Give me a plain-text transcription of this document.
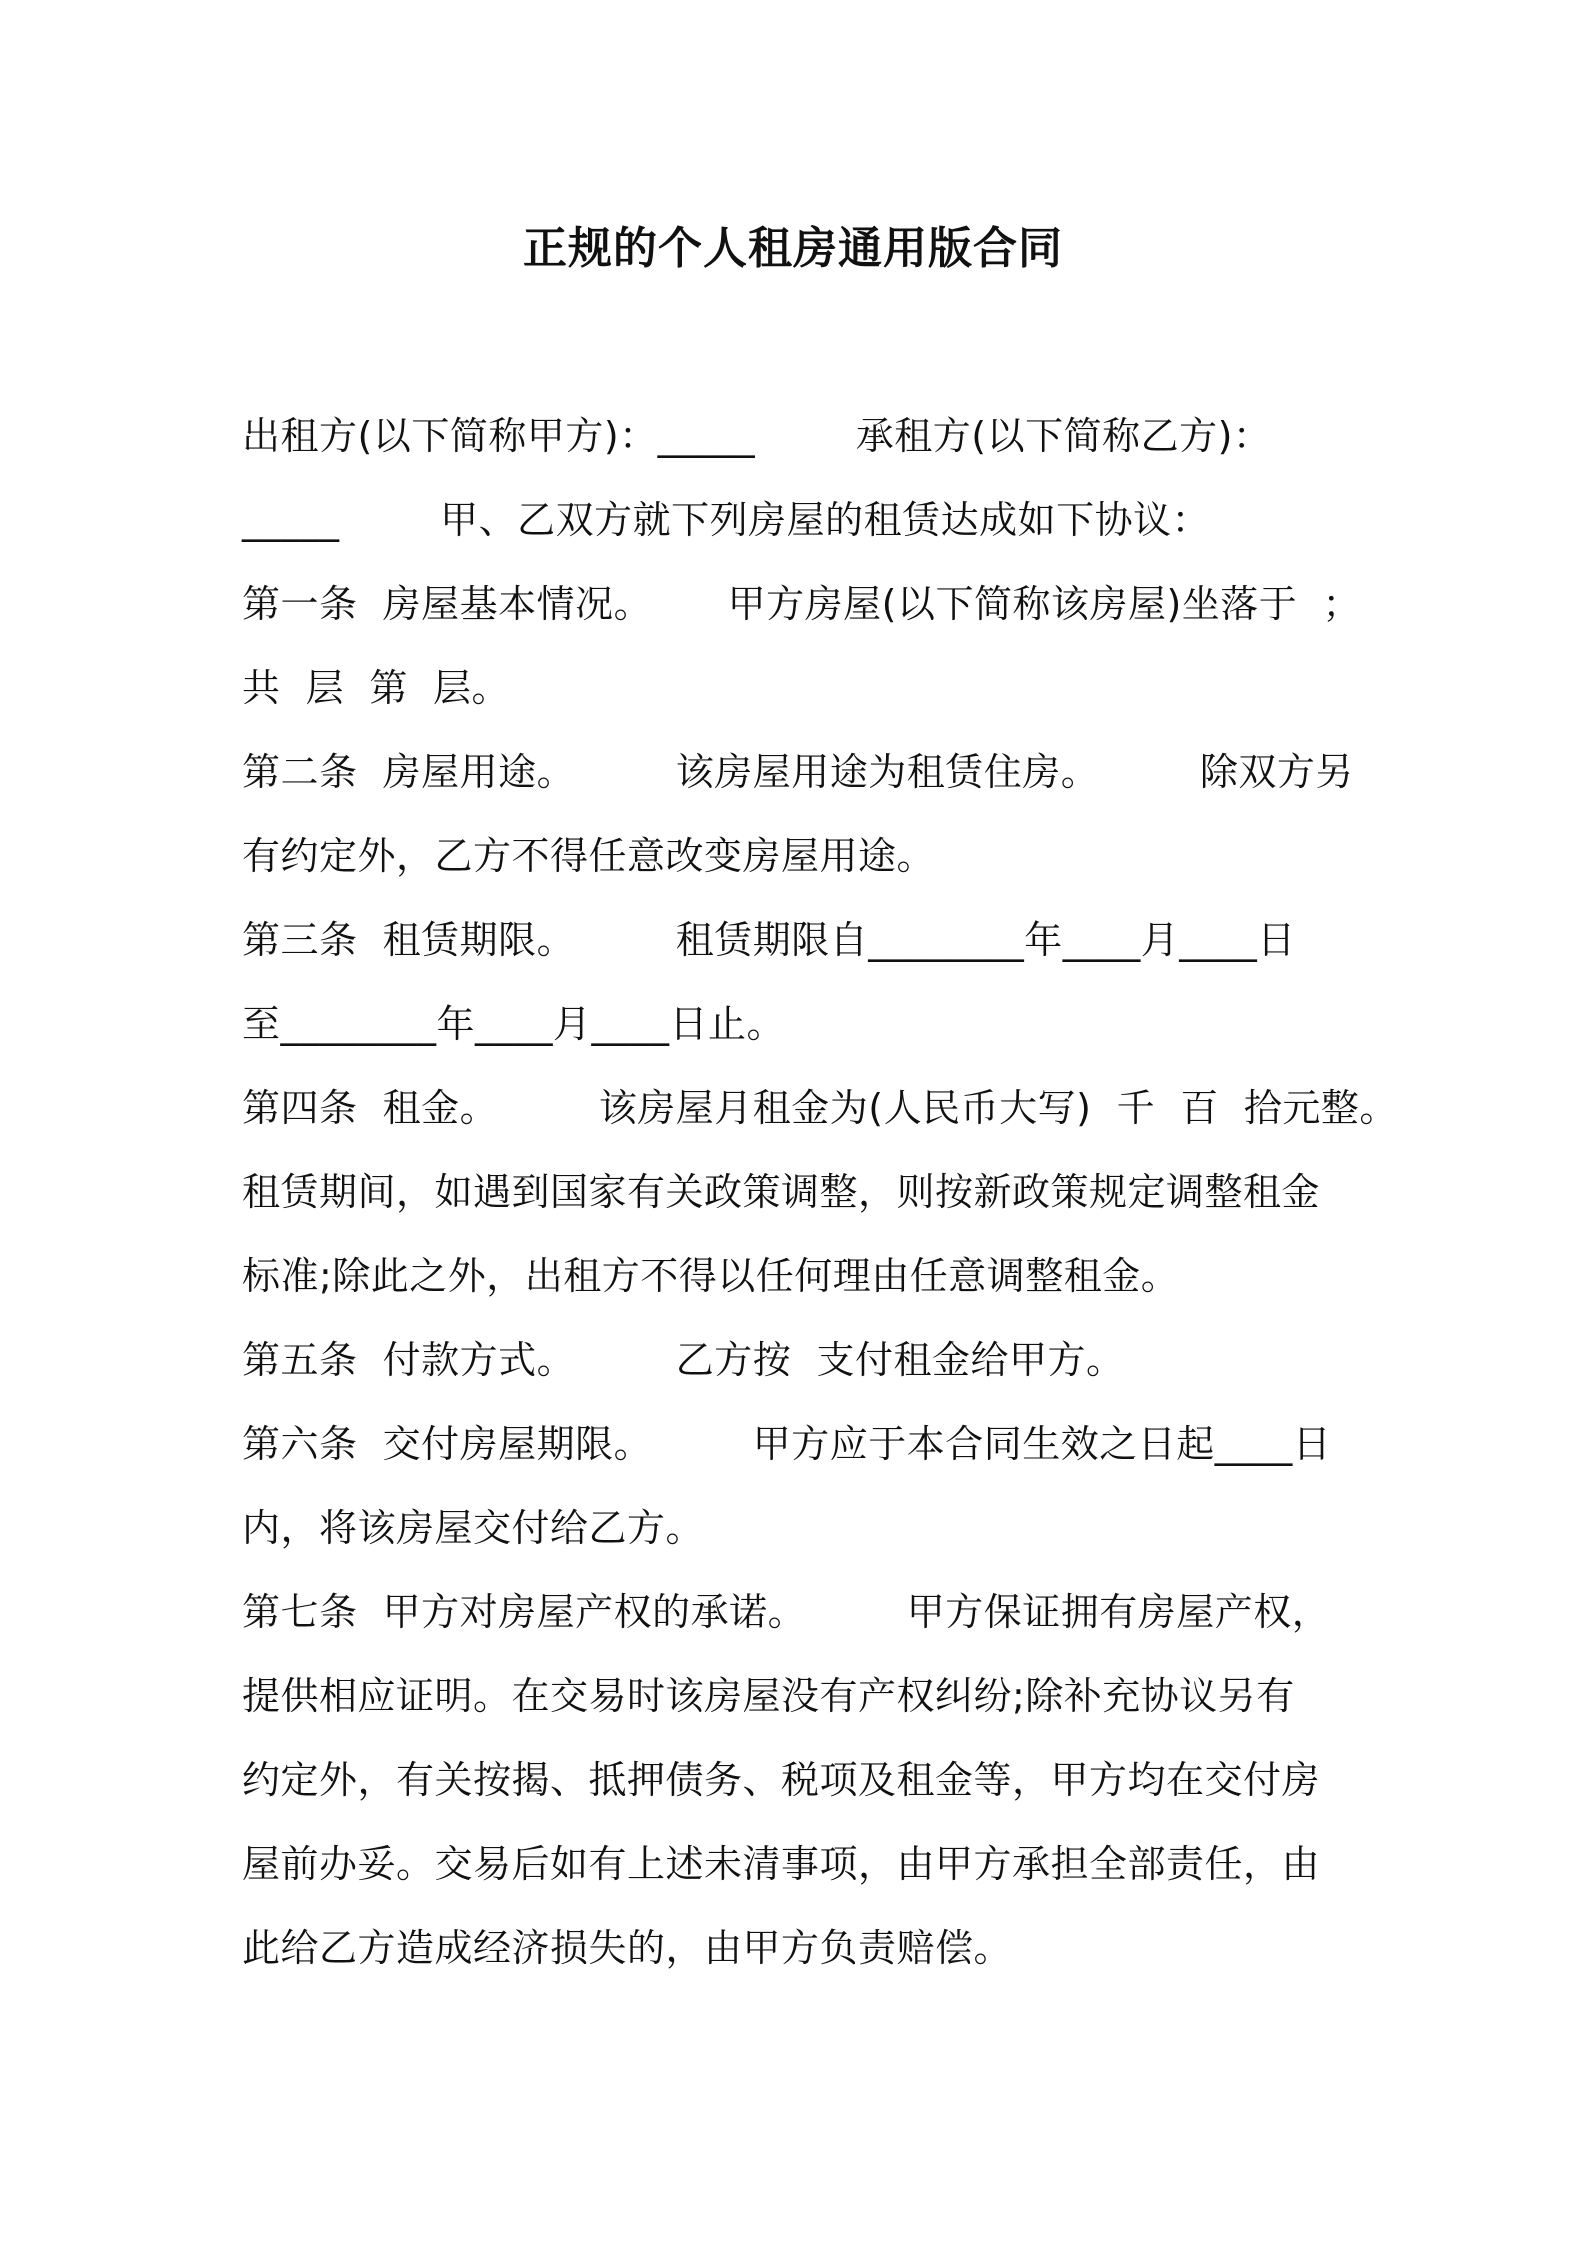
正规的个人租房通用版合同
出租方(以下简称甲方)：_____        承租方(以下简称乙方)：
_____        甲、乙双方就下列房屋的租赁达成如下协议：
第一条  房屋基本情况。      甲方房屋(以下简称该房屋)坐落于  ；
共  层  第  层。
第二条  房屋用途。        该房屋用途为租赁住房。        除双方另
有约定外，乙方不得任意改变房屋用途。
第三条  租赁期限。        租赁期限自________年____月____日
至________年____月____日止。
第四条  租金。        该房屋月租金为(人民币大写)  千  百  拾元整。
租赁期间，如遇到国家有关政策调整，则按新政策规定调整租金
标准;除此之外，出租方不得以任何理由任意调整租金。
第五条  付款方式。        乙方按  支付租金给甲方。
第六条  交付房屋期限。        甲方应于本合同生效之日起____日
内，将该房屋交付给乙方。
第七条  甲方对房屋产权的承诺。        甲方保证拥有房屋产权，
提供相应证明。在交易时该房屋没有产权纠纷;除补充协议另有
约定外，有关按揭、抵押债务、税项及租金等，甲方均在交付房
屋前办妥。交易后如有上述未清事项，由甲方承担全部责任，由
此给乙方造成经济损失的，由甲方负责赔偿。
